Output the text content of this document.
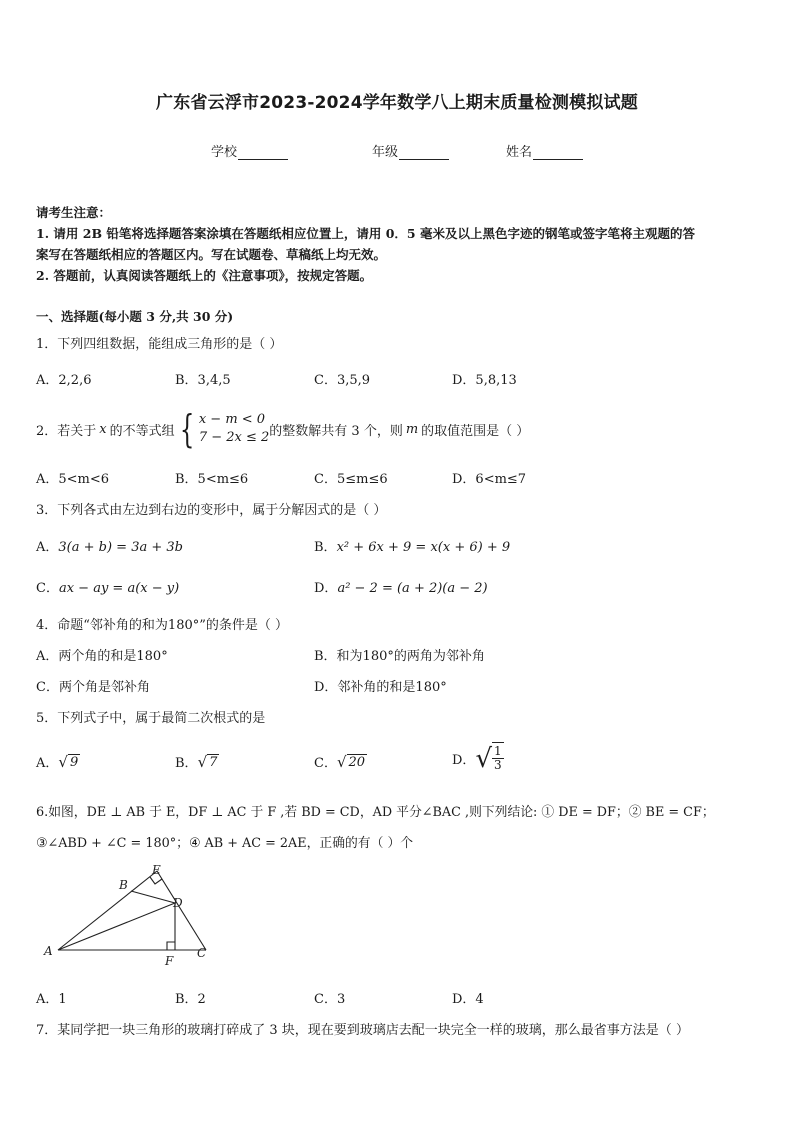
广东省云浮市2023-2024学年数学八上期末质量检测模拟试题
学校	年级	姓名
请考生注意：
1. 请用 2B 铅笔将选择题答案涂填在答题纸相应位置上，请用 0．5 毫米及以上黑色字迹的钢笔或签字笔将主观题的答
案写在答题纸相应的答题区内。写在试题卷、草稿纸上均无效。
2. 答题前，认真阅读答题纸上的《注意事项》，按规定答题。
一、选择题(每小题 3 分,共 30 分)
1．下列四组数据，能组成三角形的是（ ）
A．2,2,6	B．3,4,5	C．3,5,9	D．5,8,13
2．若关于 x 的不等式组 { x − m < 0
7 − 2x ≤ 2 的整数解共有 3 个，则 m 的取值范围是（ ）
A．5<m<6	B．5<m≤6	C．5≤m≤6	D．6<m≤7
3．下列各式由左边到右边的变形中，属于分解因式的是（ ）
A．3(a + b) = 3a + 3b	B．x² + 6x + 9 = x(x + 6) + 9
C．ax − ay = a(x − y)	D．a² − 2 = (a + 2)(a − 2)
4．命题“邻补角的和为180°”的条件是（ ）
A．两个角的和是180°	B．和为180°的两角为邻补角
C．两个角是邻补角	D．邻补角的和是180°
5．下列式子中，属于最简二次根式的是
A． √ 9	B． √ 7	C． √ 20	D． √ $\frac{1}{3}$
6.如图，DE ⊥ AB 于 E，DF ⊥ AC 于 F ,若 BD = CD，AD 平分∠BAC ,则下列结论: ① DE = DF；② BE = CF；
③∠ABD + ∠C = 180°；④ AB + AC = 2AE，正确的有（ ）个
A
B
C
D
E
F
A．1	B．2	C．3	D．4
7．某同学把一块三角形的玻璃打碎成了 3 块，现在要到玻璃店去配一块完全一样的玻璃，那么最省事方法是（ ）
